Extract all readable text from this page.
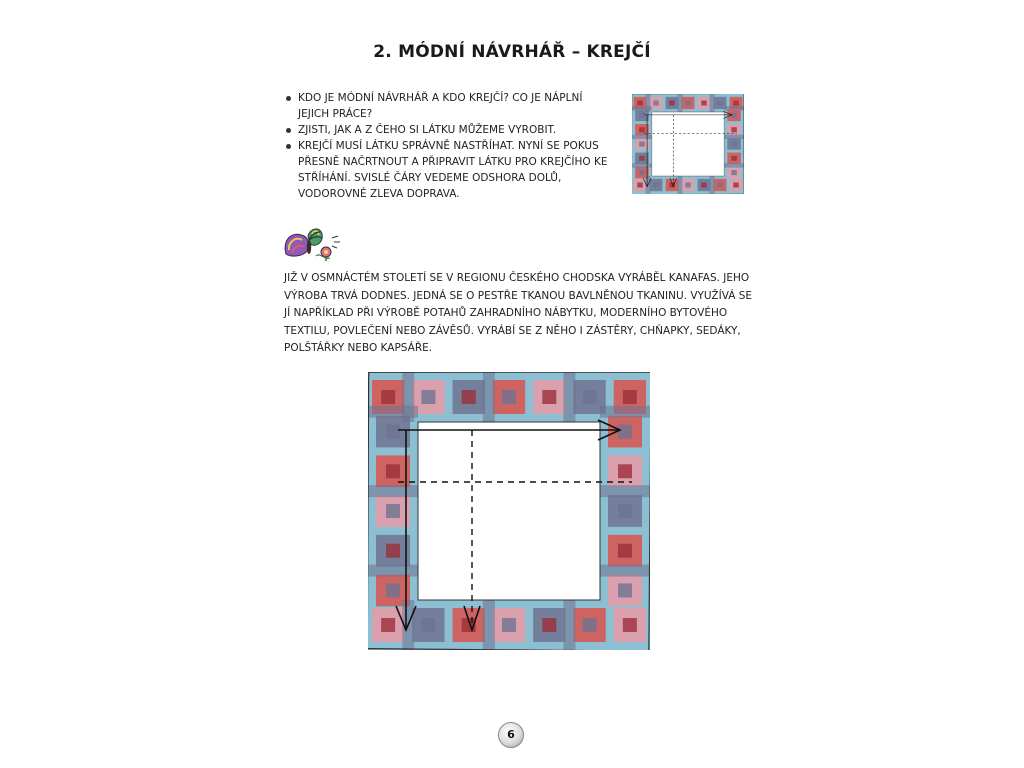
2. MÓDNÍ NÁVRHÁŘ – KREJČÍ
KDO JE MÓDNÍ NÁVRHÁŘ A KDO KREJČÍ? CO JE NÁPLNÍ JEJICH PRÁCE?
ZJISTI, JAK A Z ČEHO SI LÁTKU MŮŽEME VYROBIT.
KREJČÍ MUSÍ LÁTKU SPRÁVNĚ NASTŘÍHAT. NYNÍ SE POKUS PŘESNĚ NAČRTNOUT A PŘIPRAVIT LÁTKU PRO KREJČÍHO KE STŘÍHÁNÍ. SVISLÉ ČÁRY VEDEME ODSHORA DOLŮ, VODOROVNÉ ZLEVA DOPRAVA.
JIŽ V OSMNÁCTÉM STOLETÍ SE V REGIONU ČESKÉHO CHODSKA VYRÁBĚL KANAFAS. JEHO VÝROBA TRVÁ DODNES. JEDNÁ SE O PESTŘE TKANOU BAVLNĚNOU TKANINU. VYUŽÍVÁ SE JÍ NAPŘÍKLAD PŘI VÝROBĚ POTAHŮ ZAHRADNÍHO NÁBYTKU, MODERNÍHO BYTOVÉHO TEXTILU, POVLEČENÍ NEBO ZÁVĚSŮ. VYRÁBÍ SE Z NĚHO I ZÁSTĚRY, CHŇAPKY, SEDÁKY, POLŠTÁŘKY NEBO KAPSÁŘE.
6
